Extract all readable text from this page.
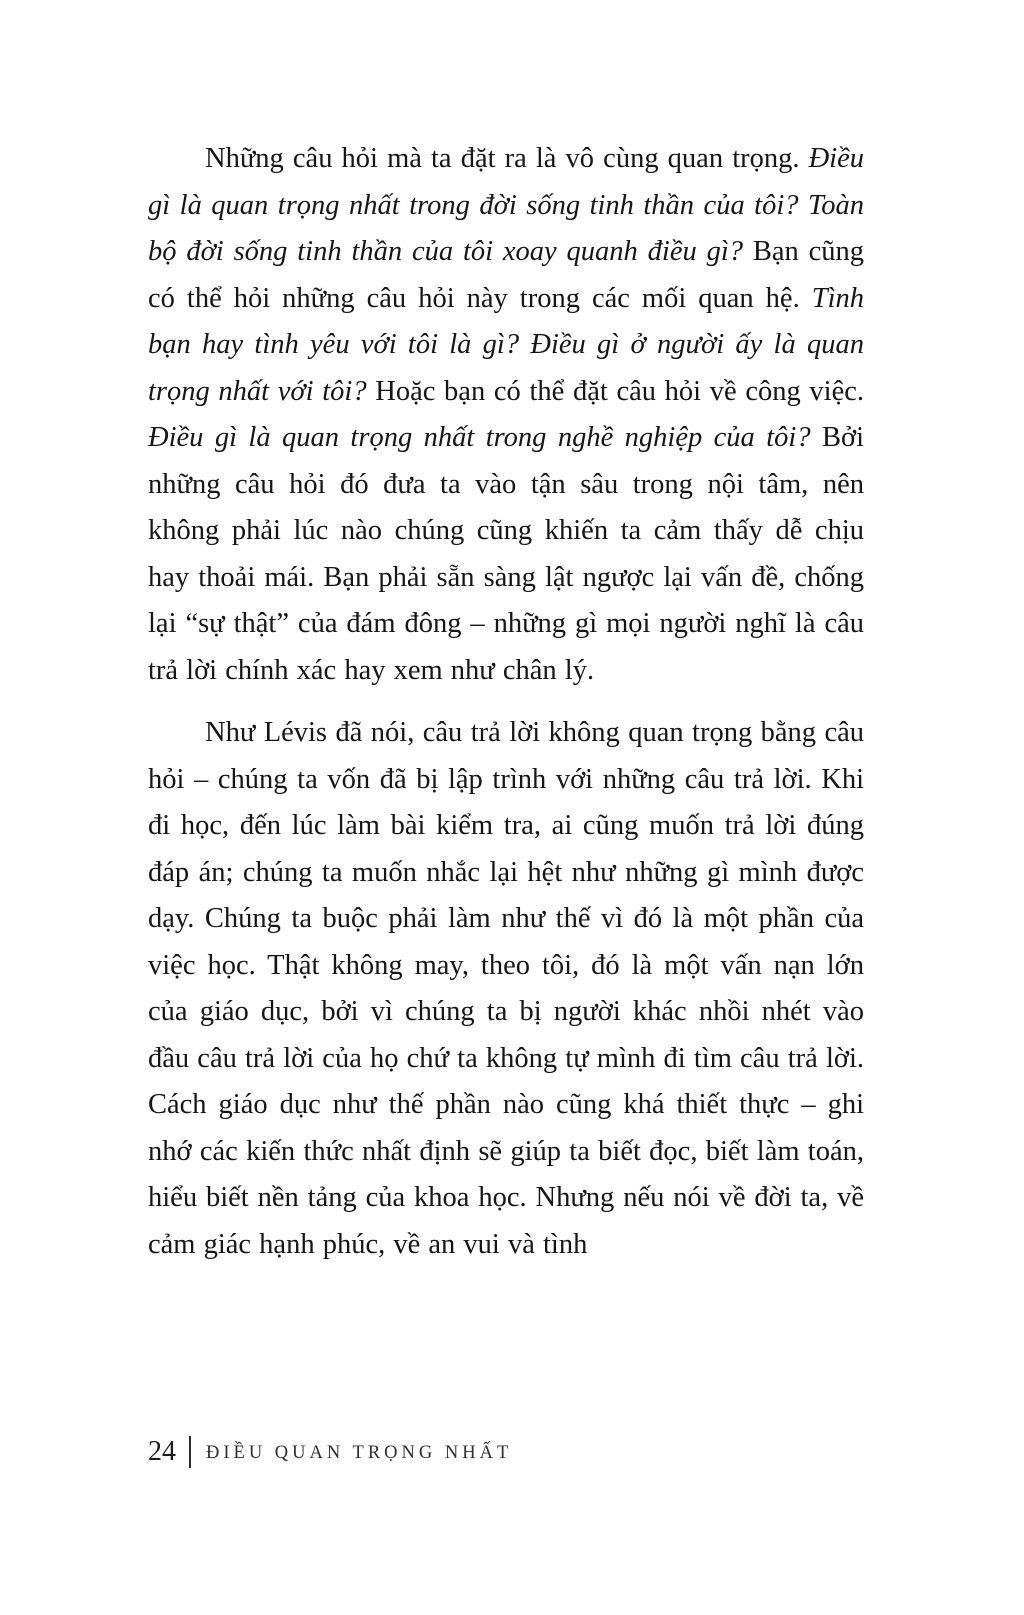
Những câu hỏi mà ta đặt ra là vô cùng quan trọng. Điều gì là quan trọng nhất trong đời sống tinh thần của tôi? Toàn bộ đời sống tinh thần của tôi xoay quanh điều gì? Bạn cũng có thể hỏi những câu hỏi này trong các mối quan hệ. Tình bạn hay tình yêu với tôi là gì? Điều gì ở người ấy là quan trọng nhất với tôi? Hoặc bạn có thể đặt câu hỏi về công việc. Điều gì là quan trọng nhất trong nghề nghiệp của tôi? Bởi những câu hỏi đó đưa ta vào tận sâu trong nội tâm, nên không phải lúc nào chúng cũng khiến ta cảm thấy dễ chịu hay thoải mái. Bạn phải sẵn sàng lật ngược lại vấn đề, chống lại “sự thật” của đám đông – những gì mọi người nghĩ là câu trả lời chính xác hay xem như chân lý.

Như Lévis đã nói, câu trả lời không quan trọng bằng câu hỏi – chúng ta vốn đã bị lập trình với những câu trả lời. Khi đi học, đến lúc làm bài kiểm tra, ai cũng muốn trả lời đúng đáp án; chúng ta muốn nhắc lại hệt như những gì mình được dạy. Chúng ta buộc phải làm như thế vì đó là một phần của việc học. Thật không may, theo tôi, đó là một vấn nạn lớn của giáo dục, bởi vì chúng ta bị người khác nhồi nhét vào đầu câu trả lời của họ chứ ta không tự mình đi tìm câu trả lời. Cách giáo dục như thế phần nào cũng khá thiết thực – ghi nhớ các kiến thức nhất định sẽ giúp ta biết đọc, biết làm toán, hiểu biết nền tảng của khoa học. Nhưng nếu nói về đời ta, về cảm giác hạnh phúc, về an vui và tình

24 ĐIỀU QUAN TRỌNG NHẤT
